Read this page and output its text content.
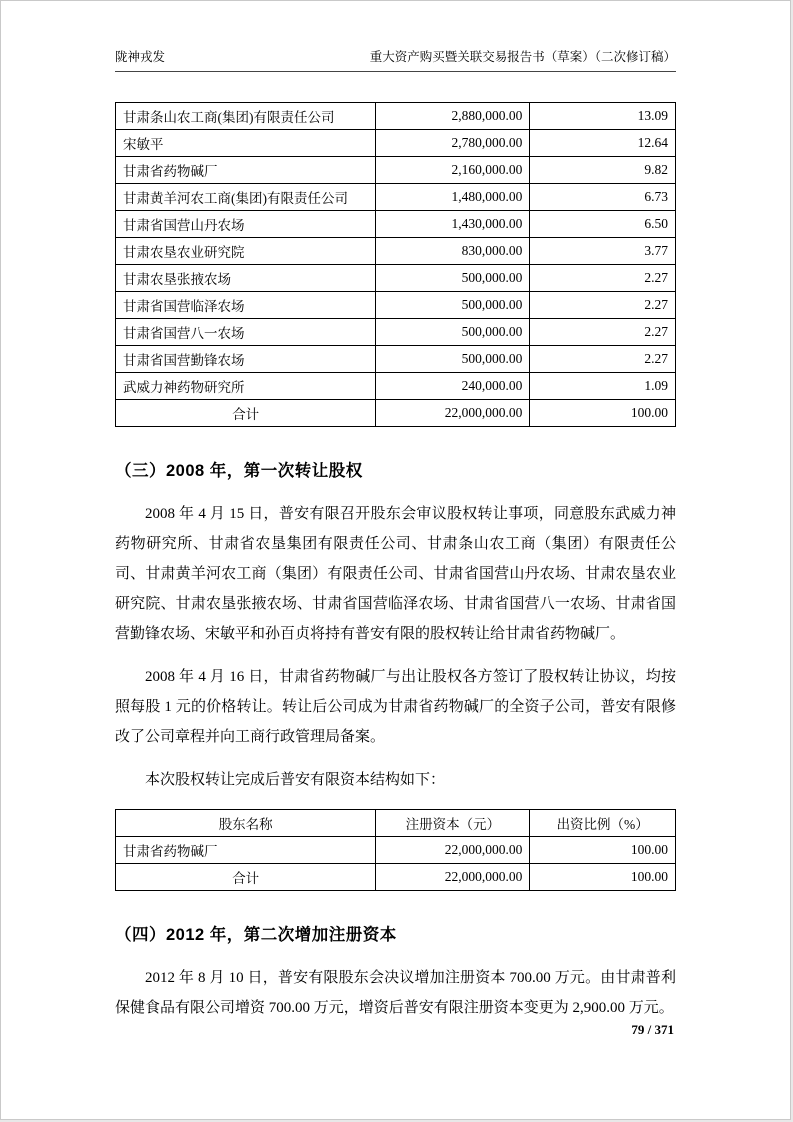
陇神戎发	重大资产购买暨关联交易报告书（草案）（二次修订稿）
甘肃条山农工商(集团)有限责任公司	2,880,000.00	13.09
宋敏平	2,780,000.00	12.64
甘肃省药物碱厂	2,160,000.00	9.82
甘肃黄羊河农工商(集团)有限责任公司	1,480,000.00	6.73
甘肃省国营山丹农场	1,430,000.00	6.50
甘肃农垦农业研究院	830,000.00	3.77
甘肃农垦张掖农场	500,000.00	2.27
甘肃省国营临泽农场	500,000.00	2.27
甘肃省国营八一农场	500,000.00	2.27
甘肃省国营勤锋农场	500,000.00	2.27
武威力神药物研究所	240,000.00	1.09
合计	22,000,000.00	100.00
（三）2008 年，第一次转让股权

2008 年 4 月 15 日，普安有限召开股东会审议股权转让事项，同意股东武威力神药物研究所、甘肃省农垦集团有限责任公司、甘肃条山农工商（集团）有限责任公司、甘肃黄羊河农工商（集团）有限责任公司、甘肃省国营山丹农场、甘肃农垦农业研究院、甘肃农垦张掖农场、甘肃省国营临泽农场、甘肃省国营八一农场、甘肃省国营勤锋农场、宋敏平和孙百贞将持有普安有限的股权转让给甘肃省药物碱厂。

2008 年 4 月 16 日，甘肃省药物碱厂与出让股权各方签订了股权转让协议，均按照每股 1 元的价格转让。转让后公司成为甘肃省药物碱厂的全资子公司，普安有限修改了公司章程并向工商行政管理局备案。

本次股权转让完成后普安有限资本结构如下：

股东名称	注册资本（元）	出资比例（%）
甘肃省药物碱厂	22,000,000.00	100.00
合计	22,000,000.00	100.00
（四）2012 年，第二次增加注册资本

2012 年 8 月 10 日，普安有限股东会决议增加注册资本 700.00 万元。由甘肃普利保健食品有限公司增资 700.00 万元，增资后普安有限注册资本变更为 2,900.00 万元。

79 / 371
